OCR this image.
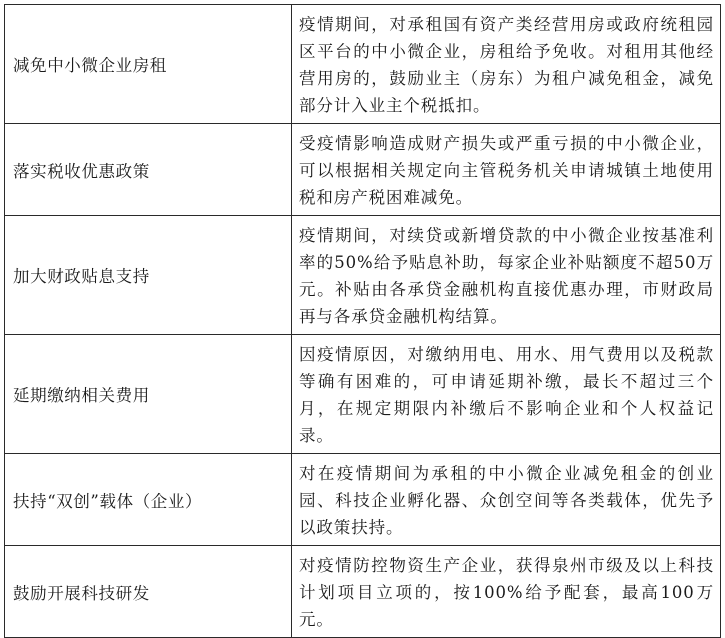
减免中小微企业房租	疫情期间，对承租国有资产类经营用房或政府统租园区平台的中小微企业，房租给予免收。对租用其他经营用房的，鼓励业主（房东）为租户减免租金，减免部分计入业主个税抵扣。
落实税收优惠政策	受疫情影响造成财产损失或严重亏损的中小微企业，可以根据相关规定向主管税务机关申请城镇土地使用税和房产税困难减免。
加大财政贴息支持	疫情期间，对续贷或新增贷款的中小微企业按基准利率的50%给予贴息补助，每家企业补贴额度不超50万元。补贴由各承贷金融机构直接优惠办理，市财政局再与各承贷金融机构结算。
延期缴纳相关费用	因疫情原因，对缴纳用电、用水、用气费用以及税款等确有困难的，可申请延期补缴，最长不超过三个月，在规定期限内补缴后不影响企业和个人权益记录。
扶持“双创”载体（企业）	对在疫情期间为承租的中小微企业减免租金的创业园、科技企业孵化器、众创空间等各类载体，优先予以政策扶持。
鼓励开展科技研发	对疫情防控物资生产企业，获得泉州市级及以上科技计划项目立项的，按100%给予配套，最高100万元。
